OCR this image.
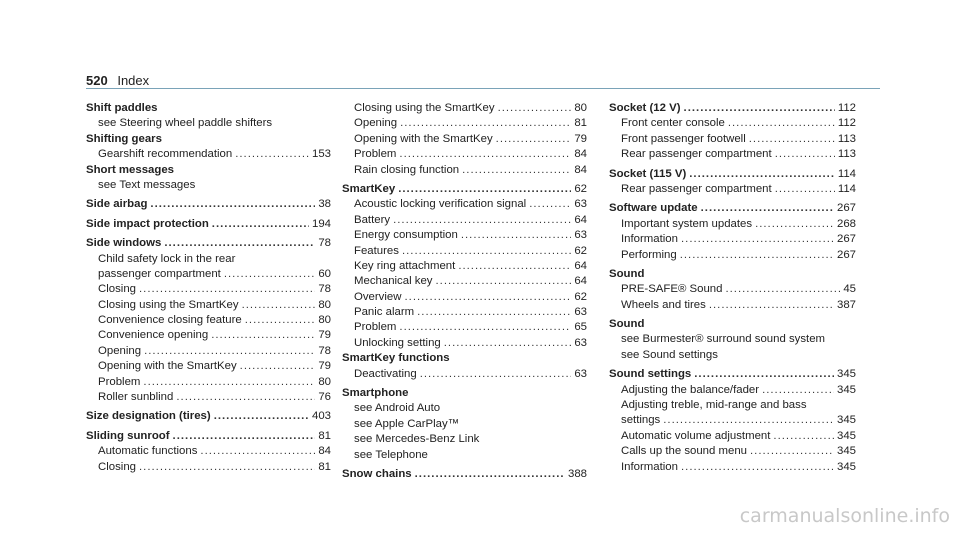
520 Index
Shift paddles
see Steering wheel paddle shifters
Shifting gears
Gearshift recommendation .....	153
Short messages
see Text messages
Side airbag .....	38
Side impact protection .....	194
Side windows .....	78
Child safety lock in the rear
passenger compartment .....	60
Closing .....	78
Closing using the SmartKey .....	80
Convenience closing feature .....	80
Convenience opening .....	79
Opening .....	78
Opening with the SmartKey .....	79
Problem .....	80
Roller sunblind .....	76
Size designation (tires) .....	403
Sliding sunroof .....	81
Automatic functions .....	84
Closing .....	81
Closing using the SmartKey .....	80
Opening .....	81
Opening with the SmartKey .....	79
Problem .....	84
Rain closing function .....	84
SmartKey .....	62
Acoustic locking verification signal .....	63
Battery .....	64
Energy consumption .....	63
Features .....	62
Key ring attachment .....	64
Mechanical key .....	64
Overview .....	62
Panic alarm .....	63
Problem .....	65
Unlocking setting .....	63
SmartKey functions
Deactivating .....	63
Smartphone
see Android Auto
see Apple CarPlay™
see Mercedes-Benz Link
see Telephone
Snow chains .....	388
Socket (12 V) .....	112
Front center console .....	112
Front passenger footwell .....	113
Rear passenger compartment .....	113
Socket (115 V) .....	114
Rear passenger compartment .....	114
Software update .....	267
Important system updates .....	268
Information .....	267
Performing .....	267
Sound
PRE-SAFE® Sound .....	45
Wheels and tires .....	387
Sound
see Burmester® surround sound system
see Sound settings
Sound settings .....	345
Adjusting the balance/fader .....	345
Adjusting treble, mid-range and bass
settings .....	345
Automatic volume adjustment .....	345
Calls up the sound menu .....	345
Information .....	345
carmanualsonline.info
